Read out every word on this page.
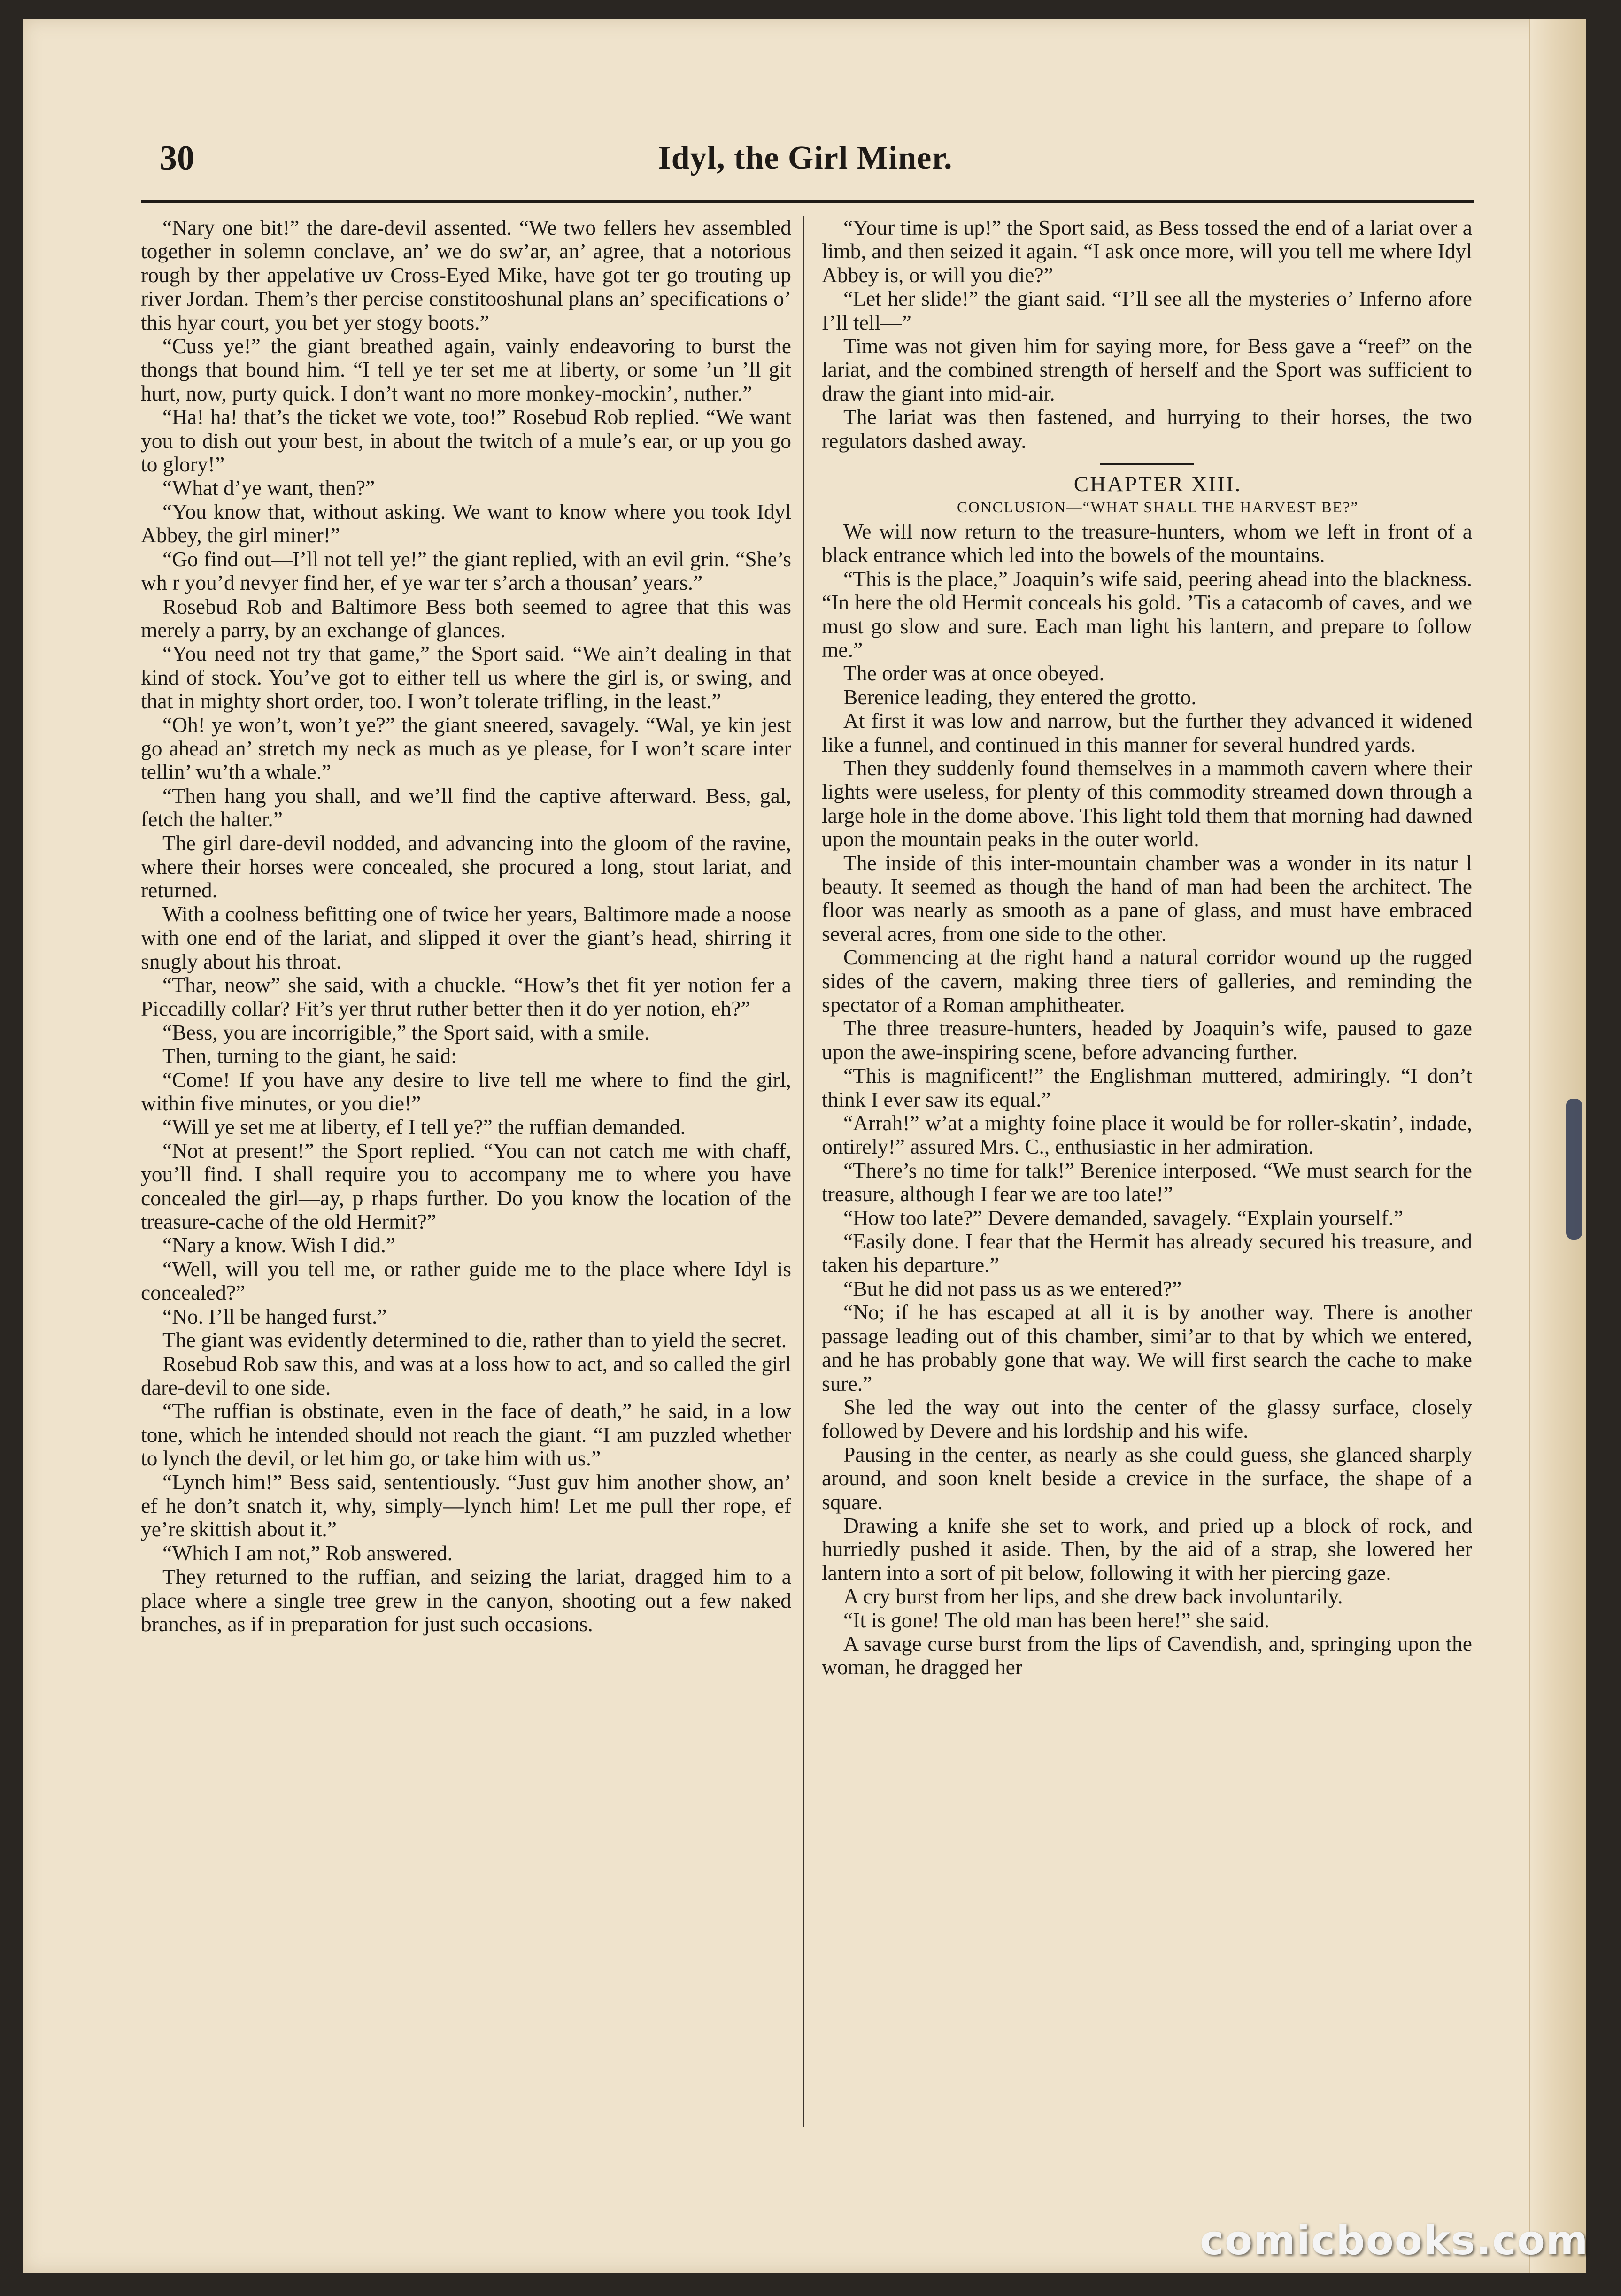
30	Idyl, the Girl Miner.

“Nary one bit!” the dare-devil assented. “We two fellers hev assembled together in solemn conclave, an’ we do sw’ar, an’ agree, that a notorious rough by ther appelative uv Cross-Eyed Mike, have got ter go trouting up river Jordan. Them’s ther percise constitooshunal plans an’ specifications o’ this hyar court, you bet yer stogy boots.”

“Cuss ye!” the giant breathed again, vainly endeavoring to burst the thongs that bound him. “I tell ye ter set me at liberty, or some ’un ’ll git hurt, now, purty quick. I don’t want no more monkey-mockin’, nuther.”

“Ha! ha! that’s the ticket we vote, too!” Rosebud Rob replied. “We want you to dish out your best, in about the twitch of a mule’s ear, or up you go to glory!”

“What d’ye want, then?”

“You know that, without asking. We want to know where you took Idyl Abbey, the girl miner!”

“Go find out—I’ll not tell ye!” the giant replied, with an evil grin. “She’s wh r you’d nevyer find her, ef ye war ter s’arch a thousan’ years.”

Rosebud Rob and Baltimore Bess both seemed to agree that this was merely a parry, by an exchange of glances.

“You need not try that game,” the Sport said. “We ain’t dealing in that kind of stock. You’ve got to either tell us where the girl is, or swing, and that in mighty short order, too. I won’t tolerate trifling, in the least.”

“Oh! ye won’t, won’t ye?” the giant sneered, savagely. “Wal, ye kin jest go ahead an’ stretch my neck as much as ye please, for I won’t scare inter tellin’ wu’th a whale.”

“Then hang you shall, and we’ll find the captive afterward. Bess, gal, fetch the halter.”

The girl dare-devil nodded, and advancing into the gloom of the ravine, where their horses were concealed, she procured a long, stout lariat, and returned.

With a coolness befitting one of twice her years, Baltimore made a noose with one end of the lariat, and slipped it over the giant’s head, shirring it snugly about his throat.

“Thar, neow” she said, with a chuckle. “How’s thet fit yer notion fer a Piccadilly collar? Fit’s yer thrut ruther better then it do yer notion, eh?”

“Bess, you are incorrigible,” the Sport said, with a smile.

Then, turning to the giant, he said:

“Come! If you have any desire to live tell me where to find the girl, within five minutes, or you die!”

“Will ye set me at liberty, ef I tell ye?” the ruffian demanded.

“Not at present!” the Sport replied. “You can not catch me with chaff, you’ll find. I shall require you to accompany me to where you have concealed the girl—ay, p rhaps further. Do you know the location of the treasure-cache of the old Hermit?”

“Nary a know. Wish I did.”

“Well, will you tell me, or rather guide me to the place where Idyl is concealed?”

“No. I’ll be hanged furst.”

The giant was evidently determined to die, rather than to yield the secret.

Rosebud Rob saw this, and was at a loss how to act, and so called the girl dare-devil to one side.

“The ruffian is obstinate, even in the face of death,” he said, in a low tone, which he intended should not reach the giant. “I am puzzled whether to lynch the devil, or let him go, or take him with us.”

“Lynch him!” Bess said, sententiously. “Just guv him another show, an’ ef he don’t snatch it, why, simply—lynch him! Let me pull ther rope, ef ye’re skittish about it.”

“Which I am not,” Rob answered.

They returned to the ruffian, and seizing the lariat, dragged him to a place where a single tree grew in the canyon, shooting out a few naked branches, as if in preparation for just such occasions.

“Your time is up!” the Sport said, as Bess tossed the end of a lariat over a limb, and then seized it again. “I ask once more, will you tell me where Idyl Abbey is, or will you die?”

“Let her slide!” the giant said. “I’ll see all the mysteries o’ Inferno afore I’ll tell—”

Time was not given him for saying more, for Bess gave a “reef” on the lariat, and the combined strength of herself and the Sport was sufficient to draw the giant into mid-air.

The lariat was then fastened, and hurrying to their horses, the two regulators dashed away.

CHAPTER XIII.

CONCLUSION—“WHAT SHALL THE HARVEST BE?”

We will now return to the treasure-hunters, whom we left in front of a black entrance which led into the bowels of the mountains.

“This is the place,” Joaquin’s wife said, peering ahead into the blackness. “In here the old Hermit conceals his gold. ’Tis a catacomb of caves, and we must go slow and sure. Each man light his lantern, and prepare to follow me.”

The order was at once obeyed.

Berenice leading, they entered the grotto.

At first it was low and narrow, but the further they advanced it widened like a funnel, and continued in this manner for several hundred yards.

Then they suddenly found themselves in a mammoth cavern where their lights were useless, for plenty of this commodity streamed down through a large hole in the dome above. This light told them that morning had dawned upon the mountain peaks in the outer world.

The inside of this inter-mountain chamber was a wonder in its natur l beauty. It seemed as though the hand of man had been the architect. The floor was nearly as smooth as a pane of glass, and must have embraced several acres, from one side to the other.

Commencing at the right hand a natural corridor wound up the rugged sides of the cavern, making three tiers of galleries, and reminding the spectator of a Roman amphitheater.

The three treasure-hunters, headed by Joaquin’s wife, paused to gaze upon the awe-inspiring scene, before advancing further.

“This is magnificent!” the Englishman muttered, admiringly. “I don’t think I ever saw its equal.”

“Arrah!” w’at a mighty foine place it would be for roller-skatin’, indade, ontirely!” assured Mrs. C., enthusiastic in her admiration.

“There’s no time for talk!” Berenice interposed. “We must search for the treasure, although I fear we are too late!”

“How too late?” Devere demanded, savagely. “Explain yourself.”

“Easily done. I fear that the Hermit has already secured his treasure, and taken his departure.”

“But he did not pass us as we entered?”

“No; if he has escaped at all it is by another way. There is another passage leading out of this chamber, simi’ar to that by which we entered, and he has probably gone that way. We will first search the cache to make sure.”

She led the way out into the center of the glassy surface, closely followed by Devere and his lordship and his wife.

Pausing in the center, as nearly as she could guess, she glanced sharply around, and soon knelt beside a crevice in the surface, the shape of a square.

Drawing a knife she set to work, and pried up a block of rock, and hurriedly pushed it aside. Then, by the aid of a strap, she lowered her lantern into a sort of pit below, following it with her piercing gaze.

A cry burst from her lips, and she drew back involuntarily.

“It is gone! The old man has been here!” she said.

A savage curse burst from the lips of Cavendish, and, springing upon the woman, he dragged her

comicbooks.com
